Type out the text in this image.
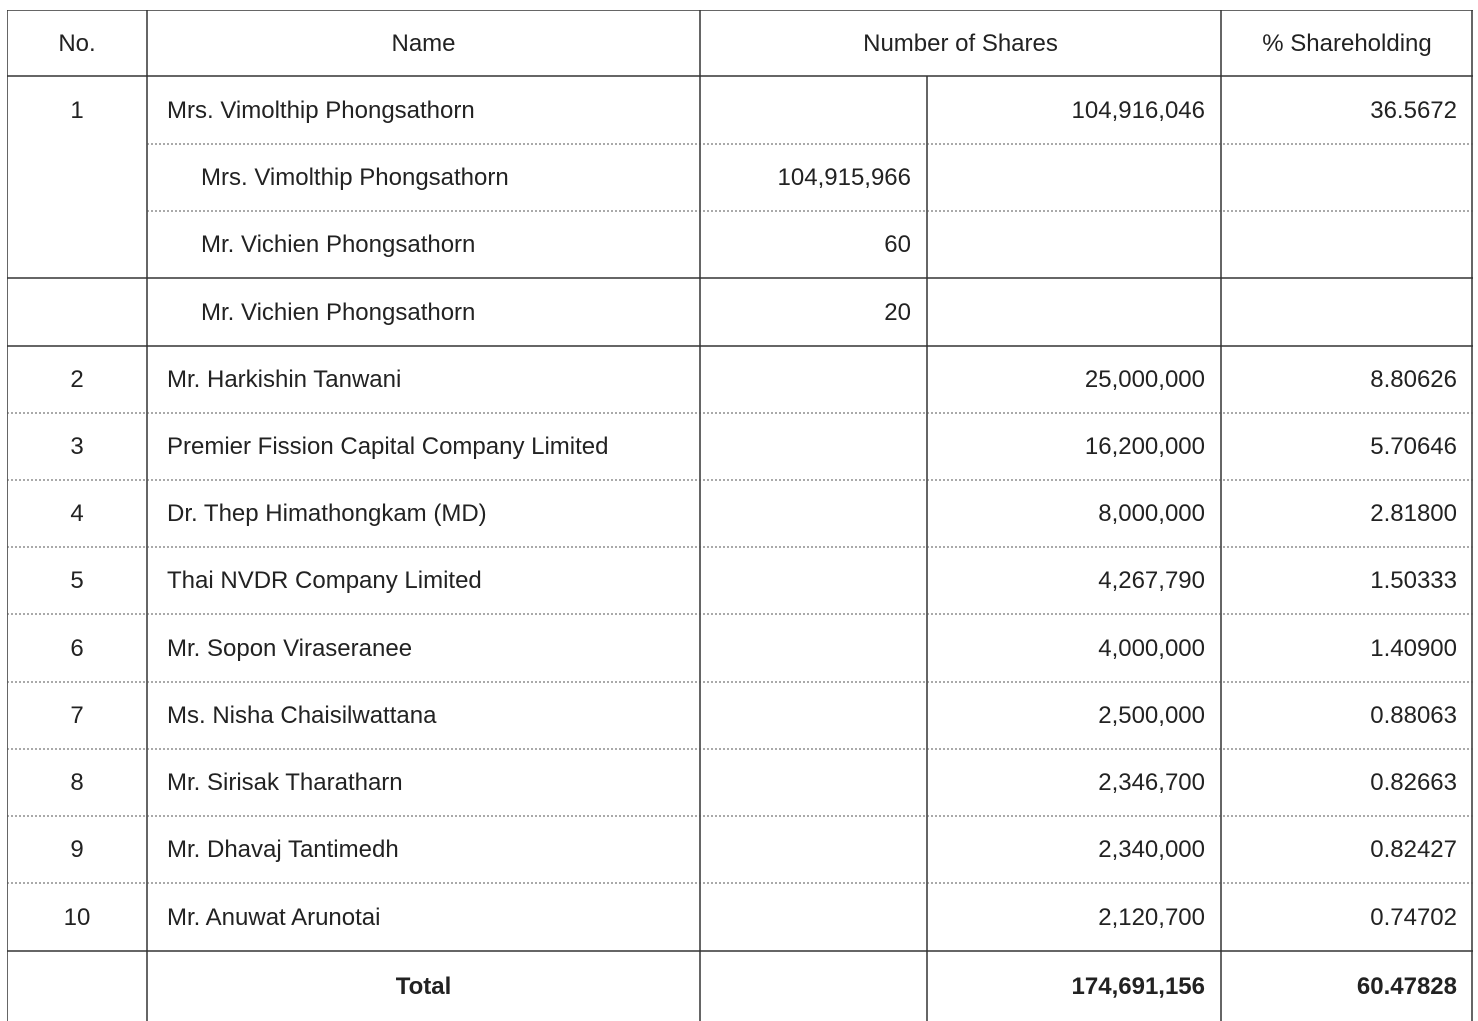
No.	Name	Number of Shares	% Shareholding
1	Mrs. Vimolthip Phongsathorn	104,916,046	36.5672
Mrs. Vimolthip Phongsathorn	104,915,966
Mr. Vichien Phongsathorn	60
Mr. Vichien Phongsathorn	20
2	Mr. Harkishin Tanwani	25,000,000	8.80626
3	Premier Fission Capital Company Limited	16,200,000	5.70646
4	Dr. Thep Himathongkam (MD)	8,000,000	2.81800
5	Thai NVDR Company Limited	4,267,790	1.50333
6	Mr. Sopon Viraseranee	4,000,000	1.40900
7	Ms. Nisha Chaisilwattana	2,500,000	0.88063
8	Mr. Sirisak Tharatharn	2,346,700	0.82663
9	Mr. Dhavaj Tantimedh	2,340,000	0.82427
10	Mr. Anuwat Arunotai	2,120,700	0.74702
Total	174,691,156	60.47828
